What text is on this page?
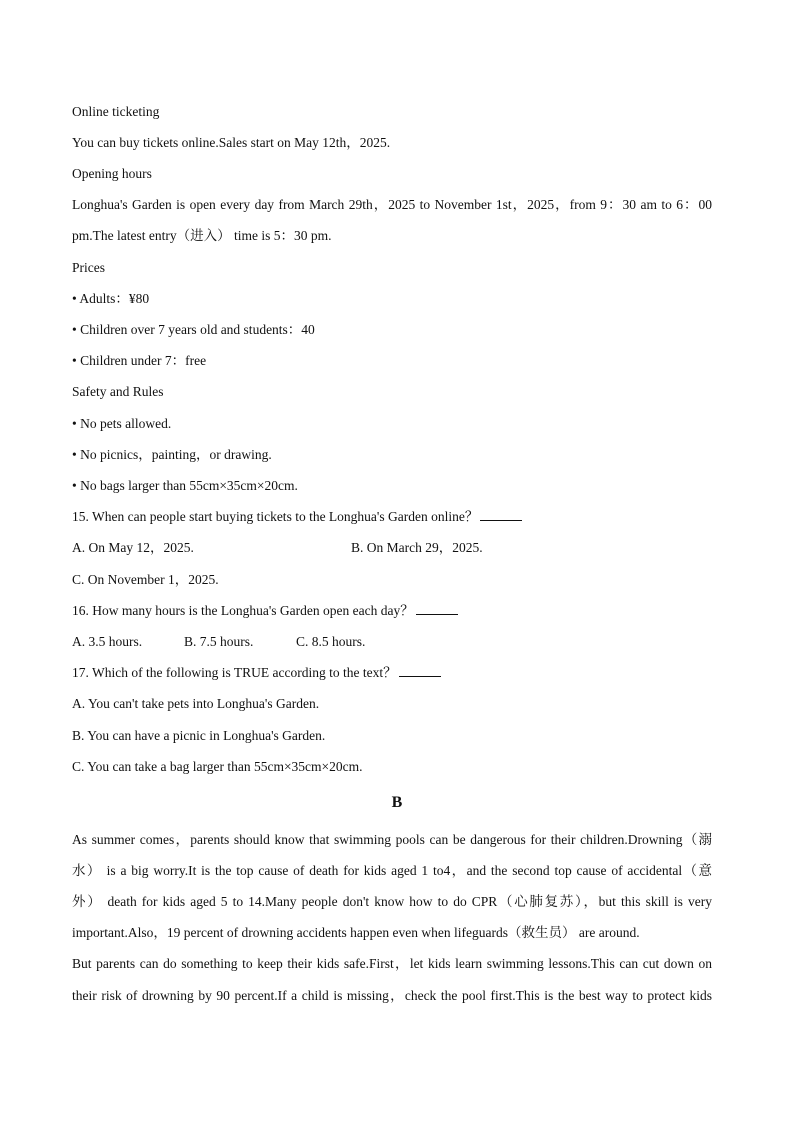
Online ticketing
You can buy tickets online.Sales start on May 12th，2025.
Opening hours
Longhua's Garden is open every day from March 29th，2025 to November 1st，2025，from 9：30 am to 6：00
pm.The latest entry（进入） time is 5：30 pm.
Prices
• Adults：¥80
• Children over 7 years old and students：40
• Children under 7：free
Safety and Rules
• No pets allowed.
• No picnics，painting，or drawing.
• No bags larger than 55cm×35cm×20cm.
15. When can people start buying tickets to the Longhua's Garden online？
A. On May 12，2025.	B. On March 29，2025.
C. On November 1，2025.
16. How many hours is the Longhua's Garden open each day？
A. 3.5 hours.	B. 7.5 hours.	C. 8.5 hours.
17. Which of the following is TRUE according to the text？
A. You can't take pets into Longhua's Garden.
B. You can have a picnic in Longhua's Garden.
C. You can take a bag larger than 55cm×35cm×20cm.
B
As summer comes，parents should know that swimming pools can be dangerous for their children.Drowning（溺
水） is a big worry.It is the top cause of death for kids aged 1 to4，and the second top cause of accidental（意
外） death for kids aged 5 to 14.Many people don't know how to do CPR（心肺复苏），but this skill is very
important.Also，19 percent of drowning accidents happen even when lifeguards（救生员） are around.
But parents can do something to keep their kids safe.First，let kids learn swimming lessons.This can cut down on
their risk of drowning by 90 percent.If a child is missing，check the pool first.This is the best way to protect kids
